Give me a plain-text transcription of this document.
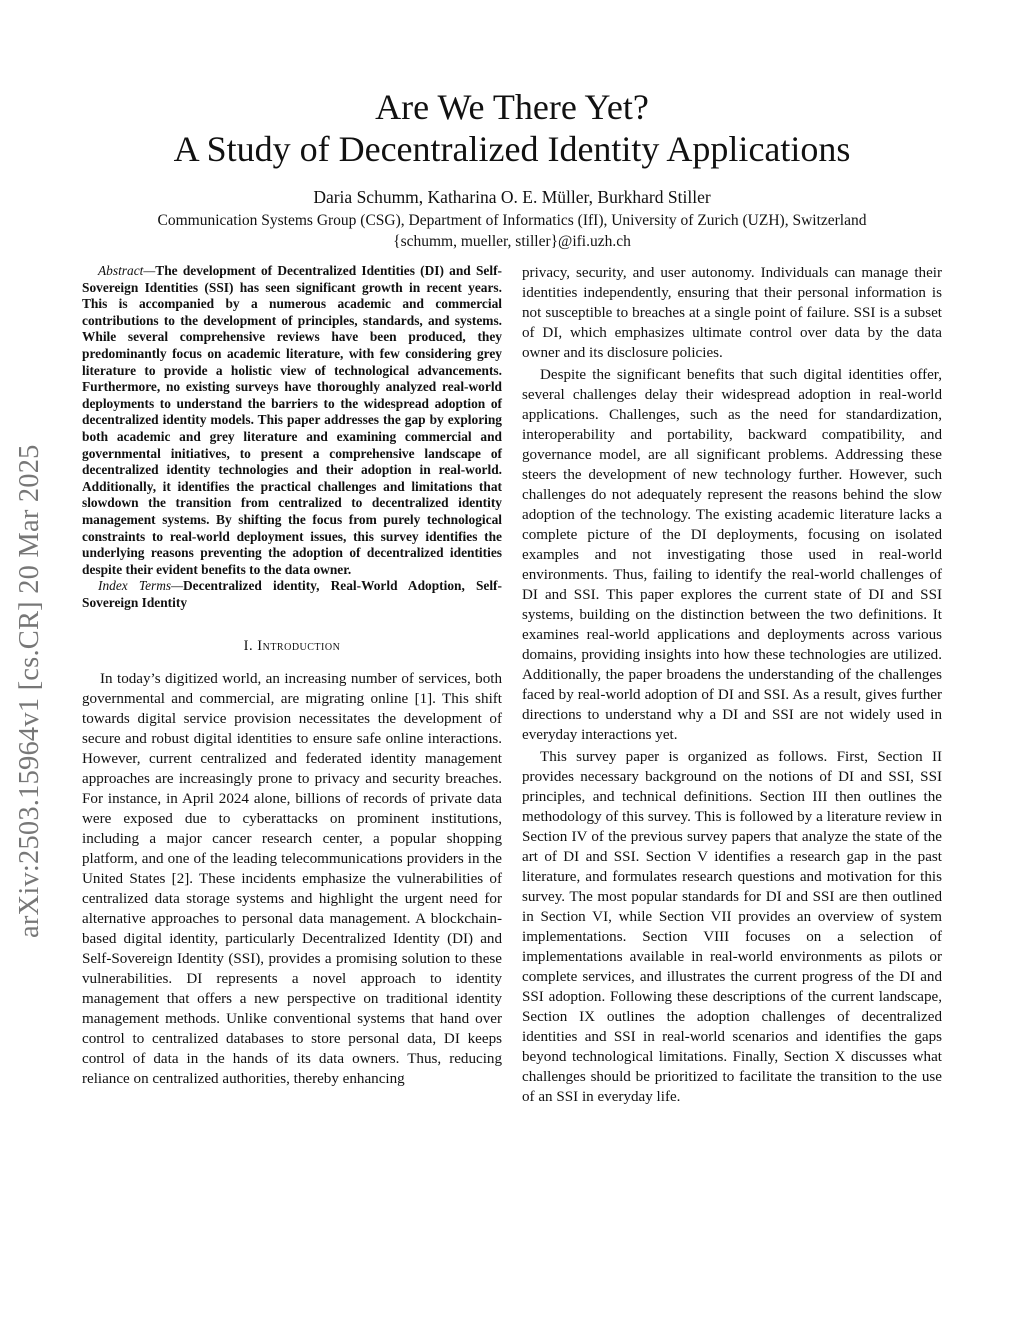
arXiv:2503.15964v1 [cs.CR] 20 Mar 2025
Are We There Yet?
A Study of Decentralized Identity Applications
Daria Schumm, Katharina O. E. Müller, Burkhard Stiller
Communication Systems Group (CSG), Department of Informatics (IfI), University of Zurich (UZH), Switzerland
{schumm, mueller, stiller}@ifi.uzh.ch

Abstract—The development of Decentralized Identities (DI) and Self-Sovereign Identities (SSI) has seen significant growth in recent years. This is accompanied by a numerous academic and commercial contributions to the development of principles, standards, and systems. While several comprehensive reviews have been produced, they predominantly focus on academic literature, with few considering grey literature to provide a holistic view of technological advancements. Furthermore, no existing surveys have thoroughly analyzed real-world deployments to understand the barriers to the widespread adoption of decentralized identity models. This paper addresses the gap by exploring both academic and grey literature and examining commercial and governmental initiatives, to present a comprehensive landscape of decentralized identity technologies and their adoption in real-world. Additionally, it identifies the practical challenges and limitations that slowdown the transition from centralized to decentralized identity management systems. By shifting the focus from purely technological constraints to real-world deployment issues, this survey identifies the underlying reasons preventing the adoption of decentralized identities despite their evident benefits to the data owner.

Index Terms—Decentralized identity, Real-World Adoption, Self-Sovereign Identity

I. Introduction

In today’s digitized world, an increasing number of services, both governmental and commercial, are migrating online [1]. This shift towards digital service provision necessitates the development of secure and robust digital identities to ensure safe online interactions. However, current centralized and federated identity management approaches are increasingly prone to privacy and security breaches. For instance, in April 2024 alone, billions of records of private data were exposed due to cyberattacks on prominent institutions, including a major cancer research center, a popular shopping platform, and one of the leading telecommunications providers in the United States [2]. These incidents emphasize the vulnerabilities of centralized data storage systems and highlight the urgent need for alternative approaches to personal data management. A blockchain-based digital identity, particularly Decentralized Identity (DI) and Self-Sovereign Identity (SSI), provides a promising solution to these vulnerabilities. DI represents a novel approach to identity management that offers a new perspective on traditional identity management methods. Unlike conventional systems that hand over control to centralized databases to store personal data, DI keeps control of data in the hands of its data owners. Thus, reducing reliance on centralized authorities, thereby enhancing

privacy, security, and user autonomy. Individuals can manage their identities independently, ensuring that their personal information is not susceptible to breaches at a single point of failure. SSI is a subset of DI, which emphasizes ultimate control over data by the data owner and its disclosure policies.

Despite the significant benefits that such digital identities offer, several challenges delay their widespread adoption in real-world applications. Challenges, such as the need for standardization, interoperability and portability, backward compatibility, and governance model, are all significant problems. Addressing these steers the development of new technology further. However, such challenges do not adequately represent the reasons behind the slow adoption of the technology. The existing academic literature lacks a complete picture of the DI deployments, focusing on isolated examples and not investigating those used in real-world environments. Thus, failing to identify the real-world challenges of DI and SSI. This paper explores the current state of DI and SSI systems, building on the distinction between the two definitions. It examines real-world applications and deployments across various domains, providing insights into how these technologies are utilized. Additionally, the paper broadens the understanding of the challenges faced by real-world adoption of DI and SSI. As a result, gives further directions to understand why a DI and SSI are not widely used in everyday interactions yet.

This survey paper is organized as follows. First, Section II provides necessary background on the notions of DI and SSI, SSI principles, and technical definitions. Section III then outlines the methodology of this survey. This is followed by a literature review in Section IV of the previous survey papers that analyze the state of the art of DI and SSI. Section V identifies a research gap in the past literature, and formulates research questions and motivation for this survey. The most popular standards for DI and SSI are then outlined in Section VI, while Section VII provides an overview of system implementations. Section VIII focuses on a selection of implementations available in real-world environments as pilots or complete services, and illustrates the current progress of the DI and SSI adoption. Following these descriptions of the current landscape, Section IX outlines the adoption challenges of decentralized identities and SSI in real-world scenarios and identifies the gaps beyond technological limitations. Finally, Section X discusses what challenges should be prioritized to facilitate the transition to the use of an SSI in everyday life.
